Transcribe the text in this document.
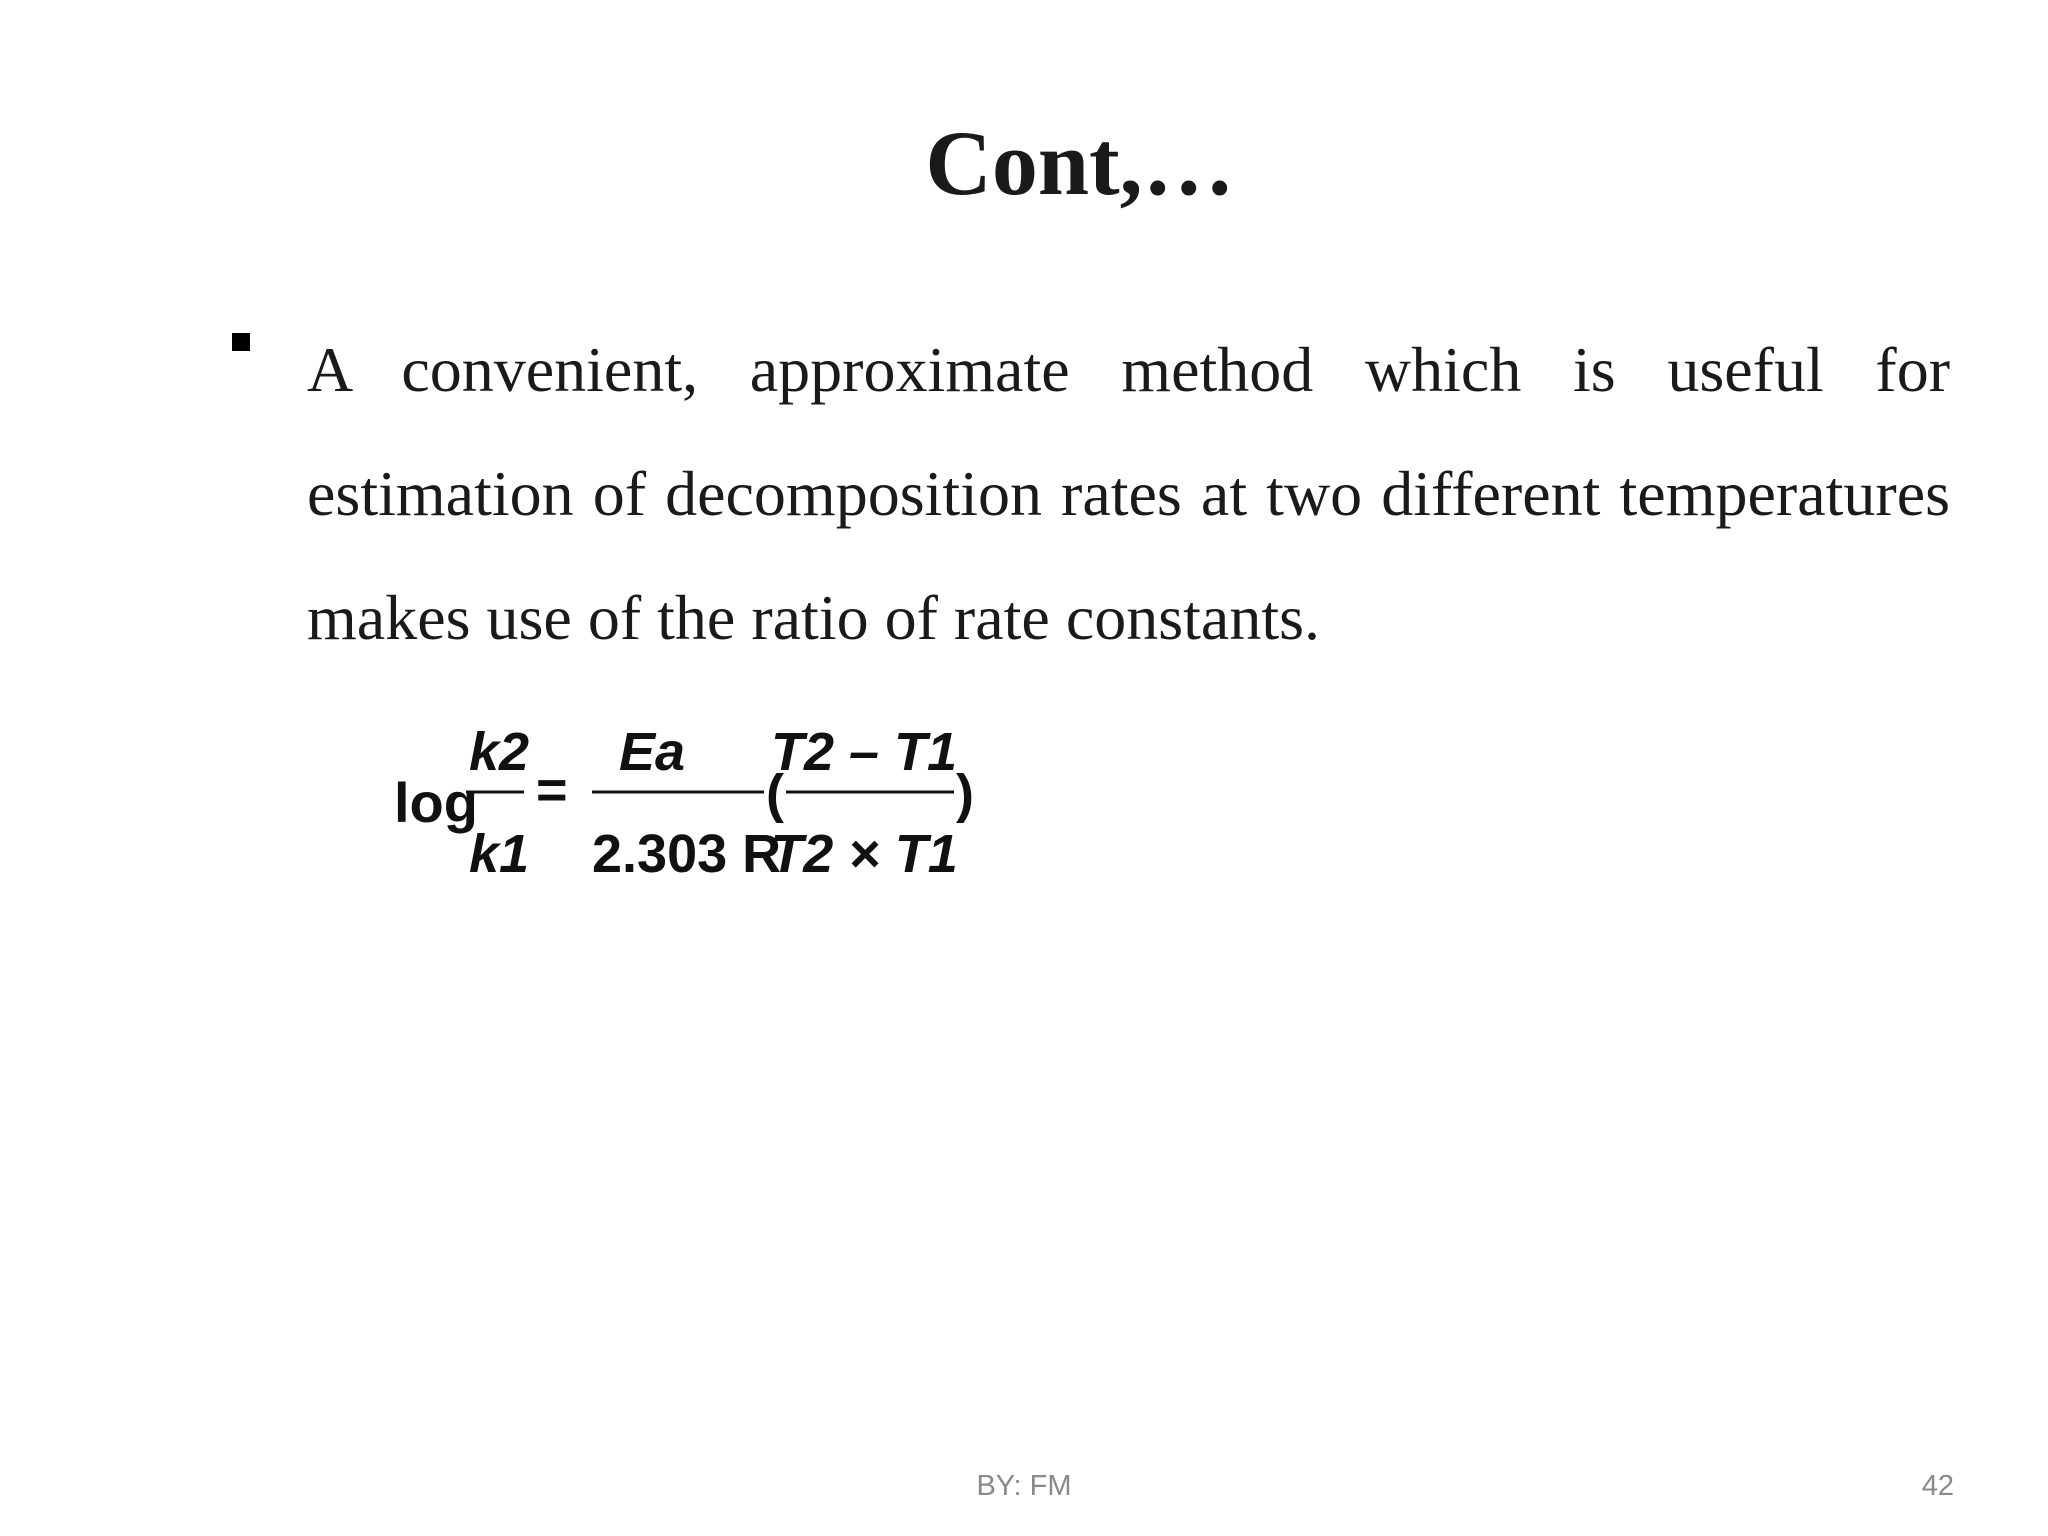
Cont,…
A convenient, approximate method which is useful for estimation of decomposition rates at two different temperatures makes use of the ratio of rate constants.
log
k2
k1
=
Ea
2.303 R
(
T2 – T1
T2 × T1
)
BY: FM	42
